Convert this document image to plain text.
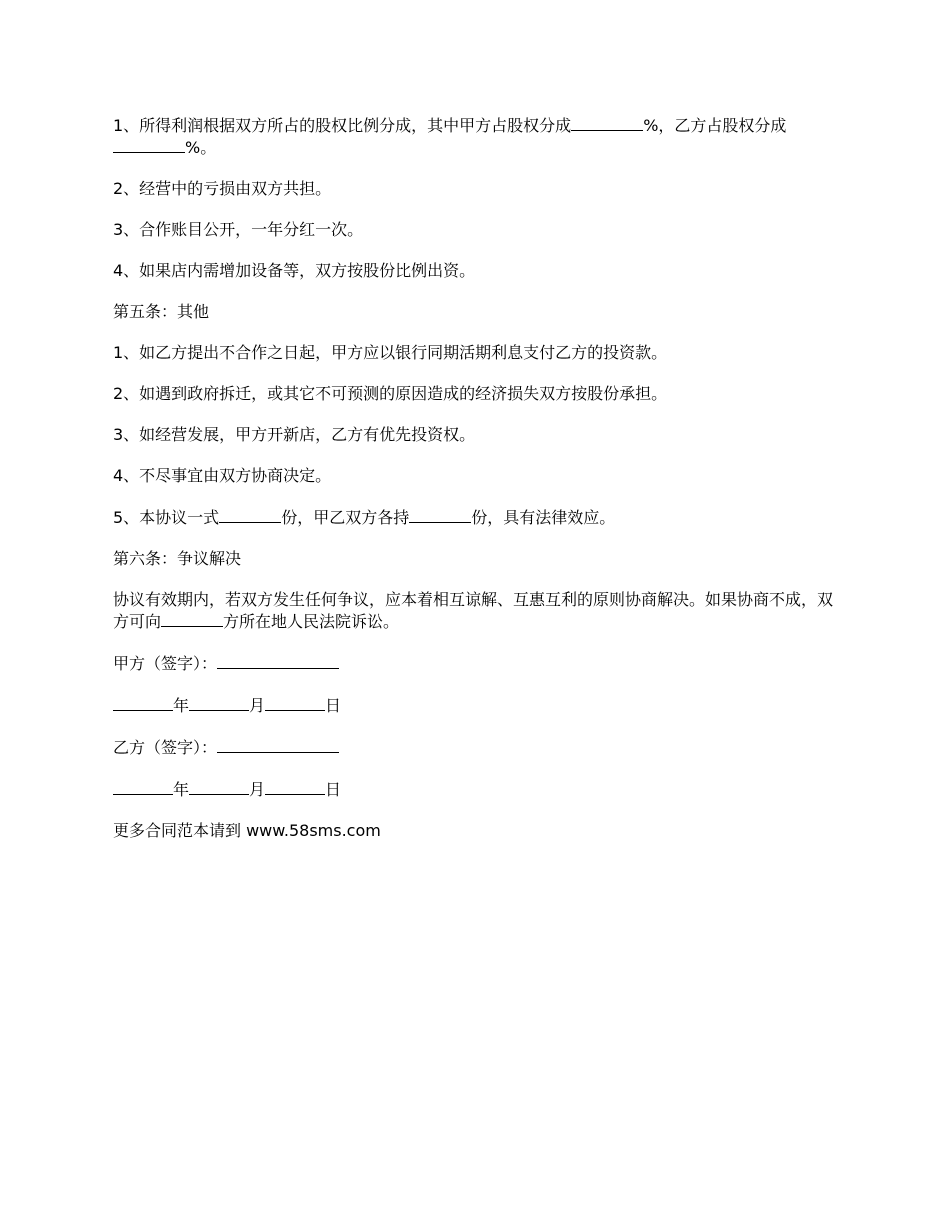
1、所得利润根据双方所占的股权比例分成，其中甲方占股权分成	%，乙方占股权分成%。

2、经营中的亏损由双方共担。

3、合作账目公开，一年分红一次。

4、如果店内需增加设备等，双方按股份比例出资。

第五条：其他

1、如乙方提出不合作之日起，甲方应以银行同期活期利息支付乙方的投资款。

2、如遇到政府拆迁，或其它不可预测的原因造成的经济损失双方按股份承担。

3、如经营发展，甲方开新店，乙方有优先投资权。

4、不尽事宜由双方协商决定。

5、本协议一式	份，甲乙双方各持	份，具有法律效应。

第六条：争议解决

协议有效期内，若双方发生任何争议，应本着相互谅解、互惠互利的原则协商解决。如果协商不成，双方可向	方所在地人民法院诉讼。

甲方（签字）：

年	月	日

乙方（签字）：

年	月	日

更多合同范本请到 www.58sms.com
